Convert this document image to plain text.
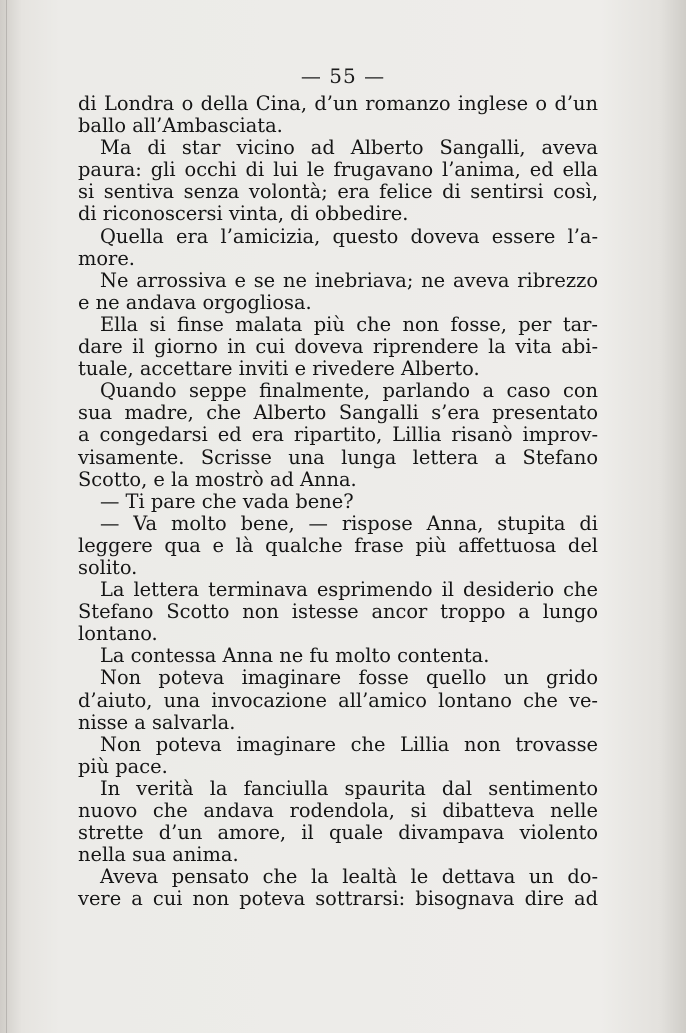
— 55 —
di Londra o della Cina, d’un romanzo inglese o d’un
ballo all’Ambasciata.
Ma di star vicino ad Alberto Sangalli, aveva
paura: gli occhi di lui le frugavano l’anima, ed ella
si sentiva senza volontà; era felice di sentirsi così,
di riconoscersi vinta, di obbedire.
Quella era l’amicizia, questo doveva essere l’a-
more.
Ne arrossiva e se ne inebriava; ne aveva ribrezzo
e ne andava orgogliosa.
Ella si finse malata più che non fosse, per tar-
dare il giorno in cui doveva riprendere la vita abi-
tuale, accettare inviti e rivedere Alberto.
Quando seppe finalmente, parlando a caso con
sua madre, che Alberto Sangalli s’era presentato
a congedarsi ed era ripartito, Lillia risanò improv-
visamente. Scrisse una lunga lettera a Stefano
Scotto, e la mostrò ad Anna.
— Ti pare che vada bene?
— Va molto bene, — rispose Anna, stupita di
leggere qua e là qualche frase più affettuosa del
solito.
La lettera terminava esprimendo il desiderio che
Stefano Scotto non istesse ancor troppo a lungo
lontano.
La contessa Anna ne fu molto contenta.
Non poteva imaginare fosse quello un grido
d’aiuto, una invocazione all’amico lontano che ve-
nisse a salvarla.
Non poteva imaginare che Lillia non trovasse
più pace.
In verità la fanciulla spaurita dal sentimento
nuovo che andava rodendola, si dibatteva nelle
strette d’un amore, il quale divampava violento
nella sua anima.
Aveva pensato che la lealtà le dettava un do-
vere a cui non poteva sottrarsi: bisognava dire ad
